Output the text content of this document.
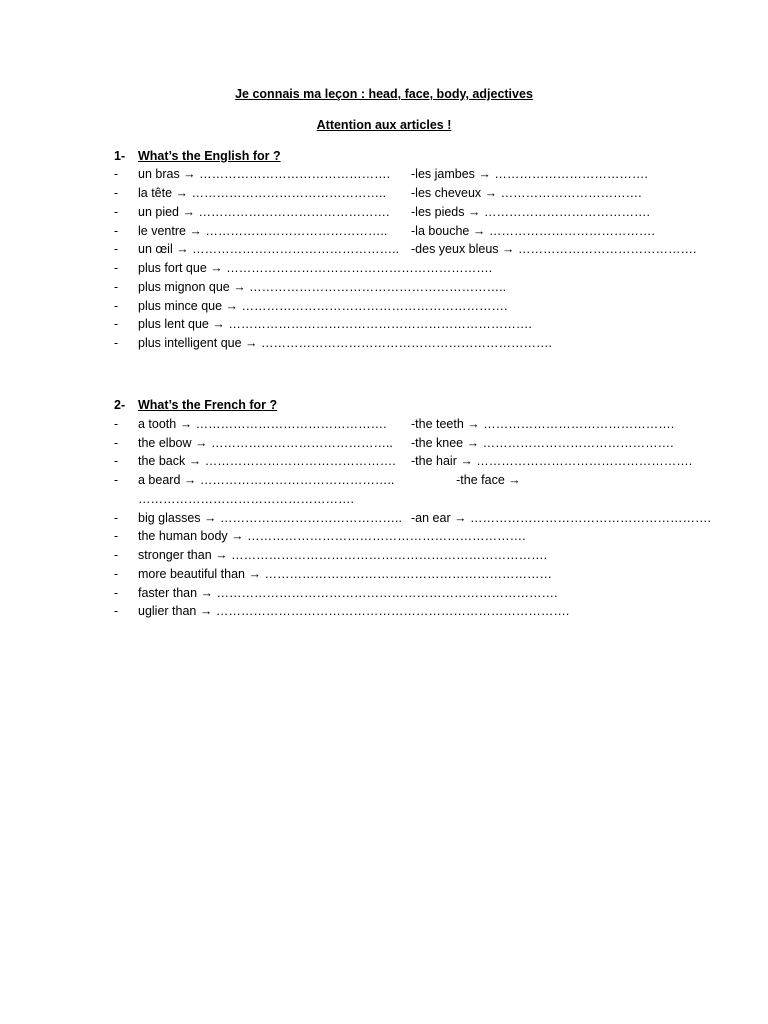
Je connais ma leçon : head, face, body, adjectives
Attention aux articles !
1- What’s the English for ?
- un bras → ………………………………………. -les jambes → ……………………………….
- la tête → ……………………………………….. -les cheveux → …………………………….
- un pied → ………………………………………. -les pieds → ………………………………….
- le ventre → …………………………………….. -la bouche → ………………………………….
- un œil → ………………………………………….. -des yeux bleus → …………………………………….
- plus fort que → ……………………………………………………….
- plus mignon que → ……………………………………………………..
- plus mince que → ……………………………………………………….
- plus lent que → ……………………………………………………………….
- plus intelligent que → …………………………………………………………….
2- What’s the French for ?
- a tooth → ………………………………………. -the teeth → ……………………………………….
- the elbow → …………………………………….. -the knee → ……………………………………….
- the back → ………………………………………. -the hair → …………………………………………….
- a beard → ……………………………………….. -the face →
…………………………………………….
- big glasses → …………………………………….. -an ear → ………………………………………………….
- the human body → ………………………………………………………….
- stronger than → ………………………………………………………………….
- more beautiful than → ……………………………………………………………
- faster than → ……………………………………………………………………….
- uglier than → ………………………………………………………………………….
